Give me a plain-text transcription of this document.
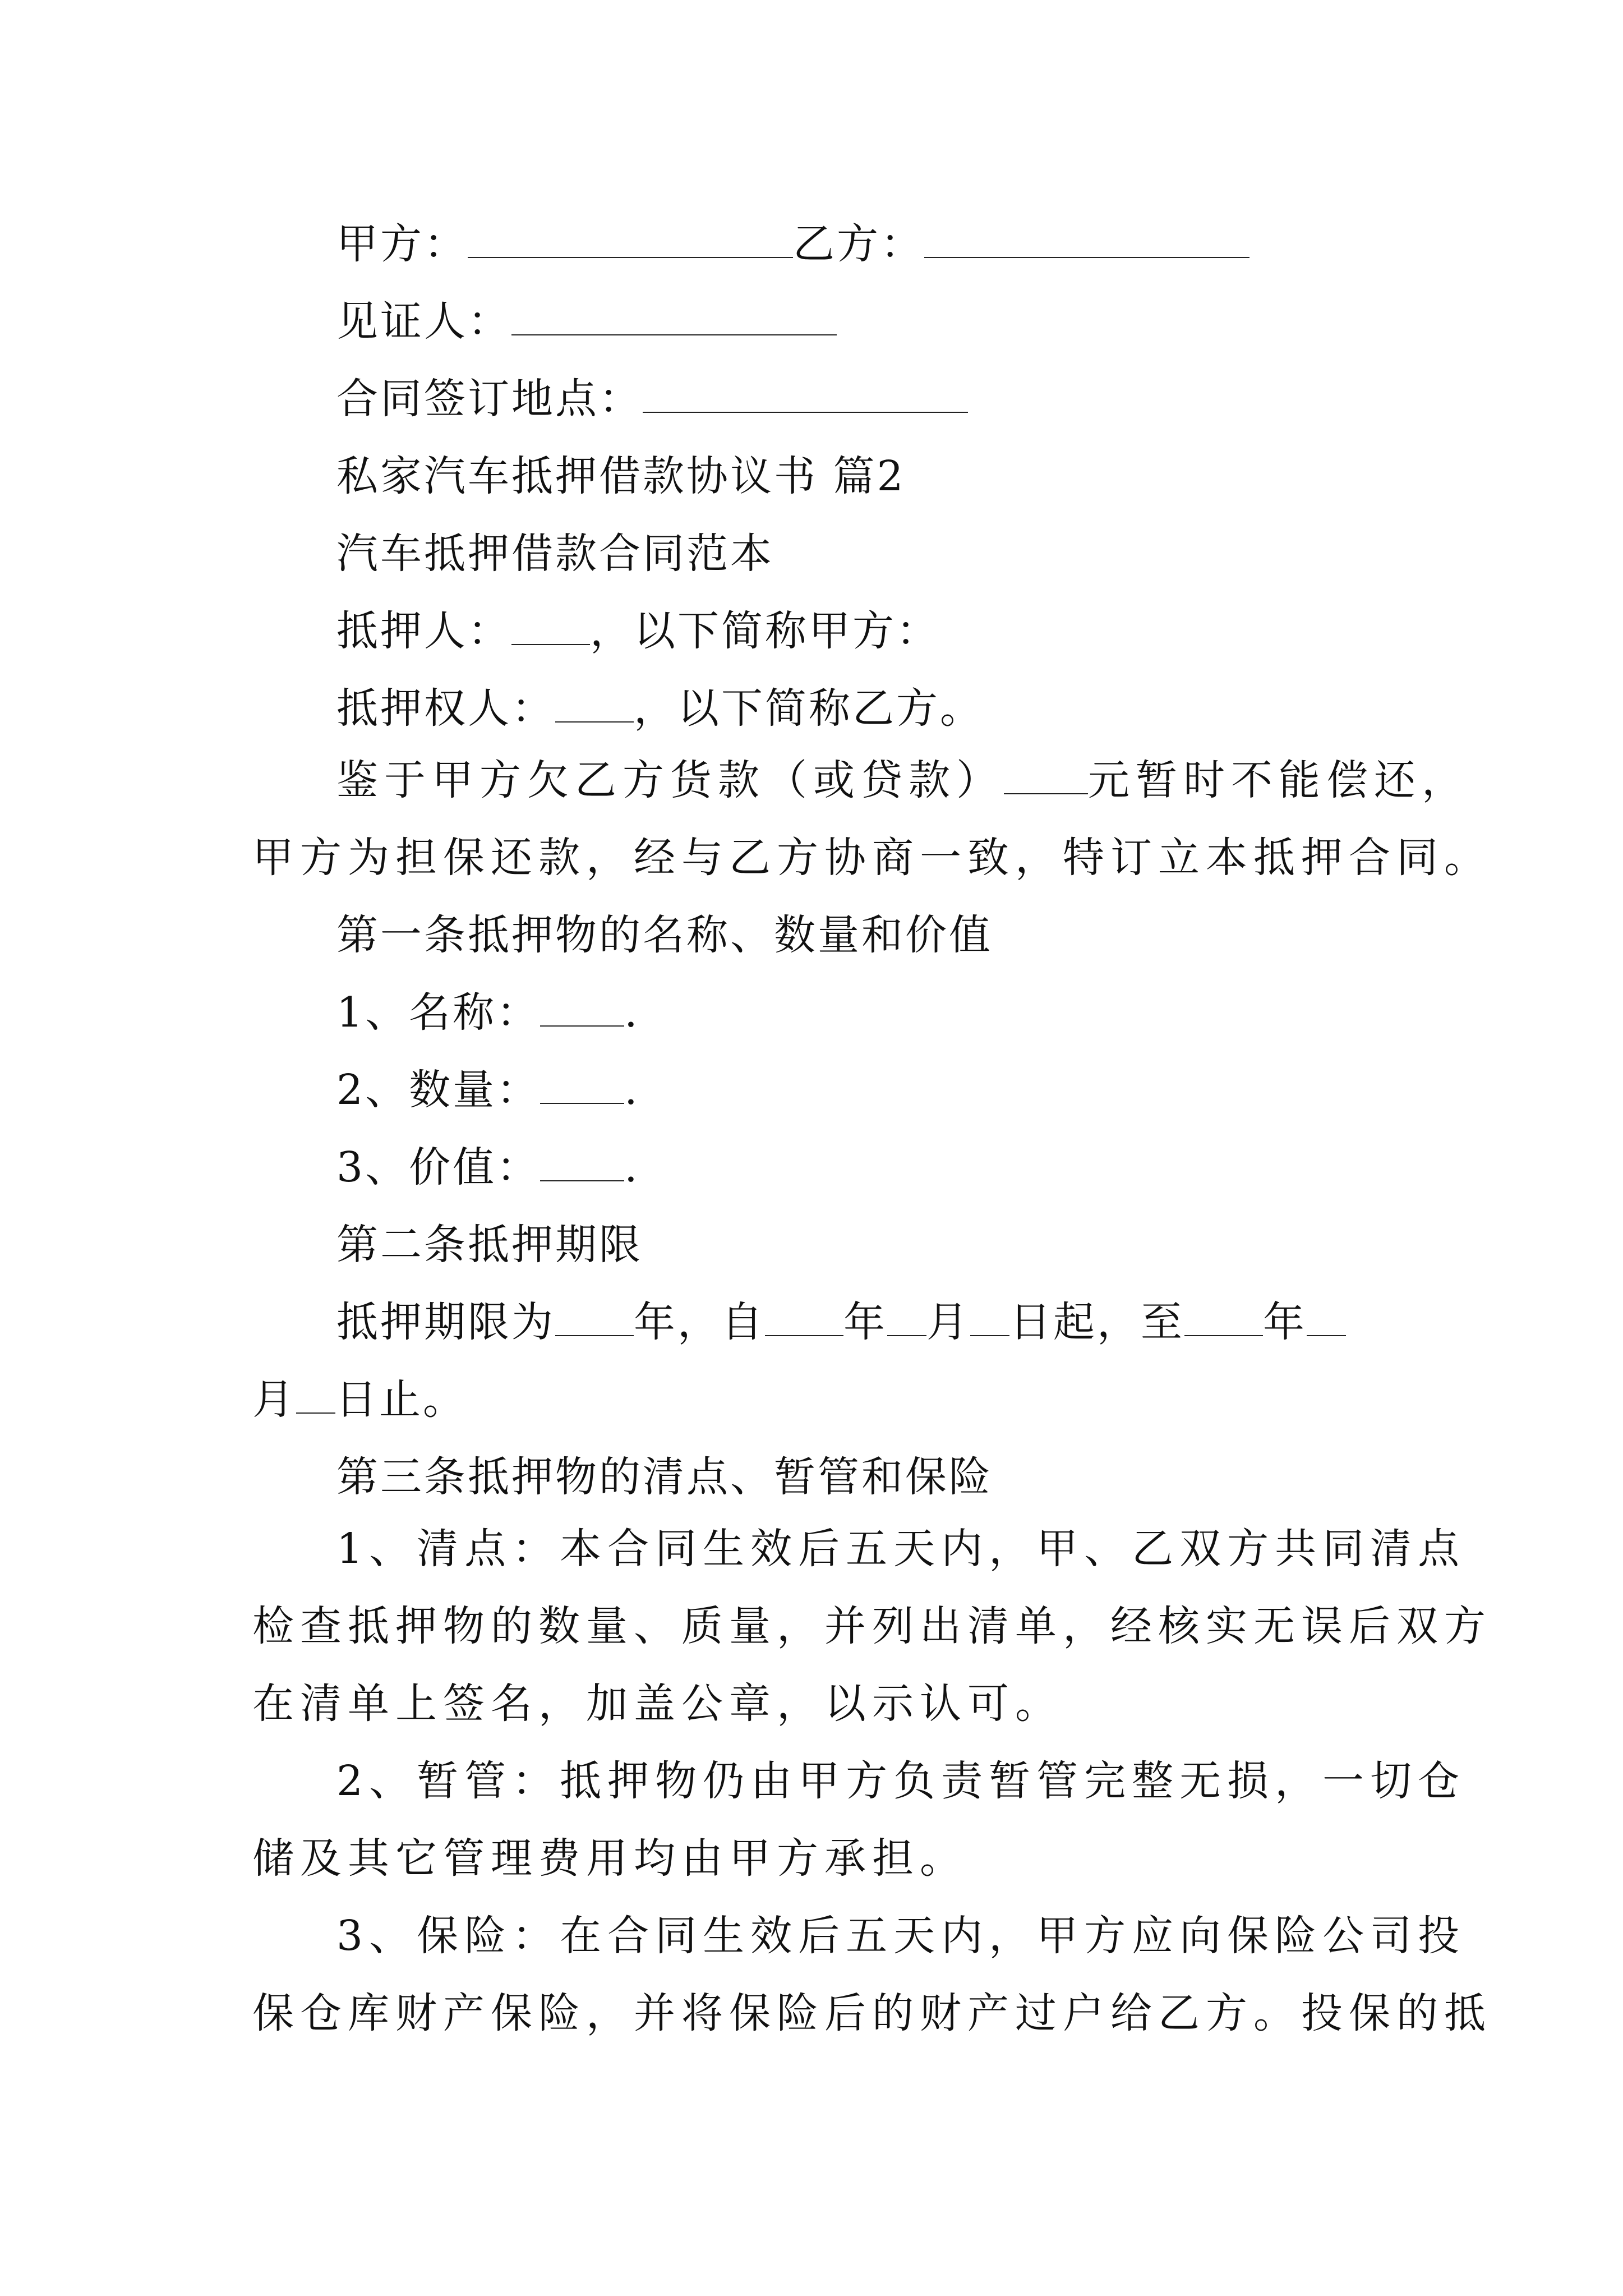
甲方：	乙方：
见证人：
合同签订地点：
私家汽车抵押借款协议书 篇2
汽车抵押借款合同范本
抵押人： ，以下简称甲方：
抵押权人： ，以下简称乙方。
鉴于甲方欠乙方货款（或贷款） 元暂时不能偿还，
甲方为担保还款，经与乙方协商一致，特订立本抵押合同。
第一条抵押物的名称、数量和价值
1、名称： .
2、数量： .
3、价值： .
第二条抵押期限
抵押期限为 年，自 年 月 日起，至 年
月 日止。
第三条抵押物的清点、暂管和保险
1、清点：本合同生效后五天内，甲、乙双方共同清点
检查抵押物的数量、质量，并列出清单，经核实无误后双方
在清单上签名，加盖公章，以示认可。
2、暂管：抵押物仍由甲方负责暂管完整无损，一切仓
储及其它管理费用均由甲方承担。
3、保险：在合同生效后五天内，甲方应向保险公司投
保仓库财产保险，并将保险后的财产过户给乙方。投保的抵
